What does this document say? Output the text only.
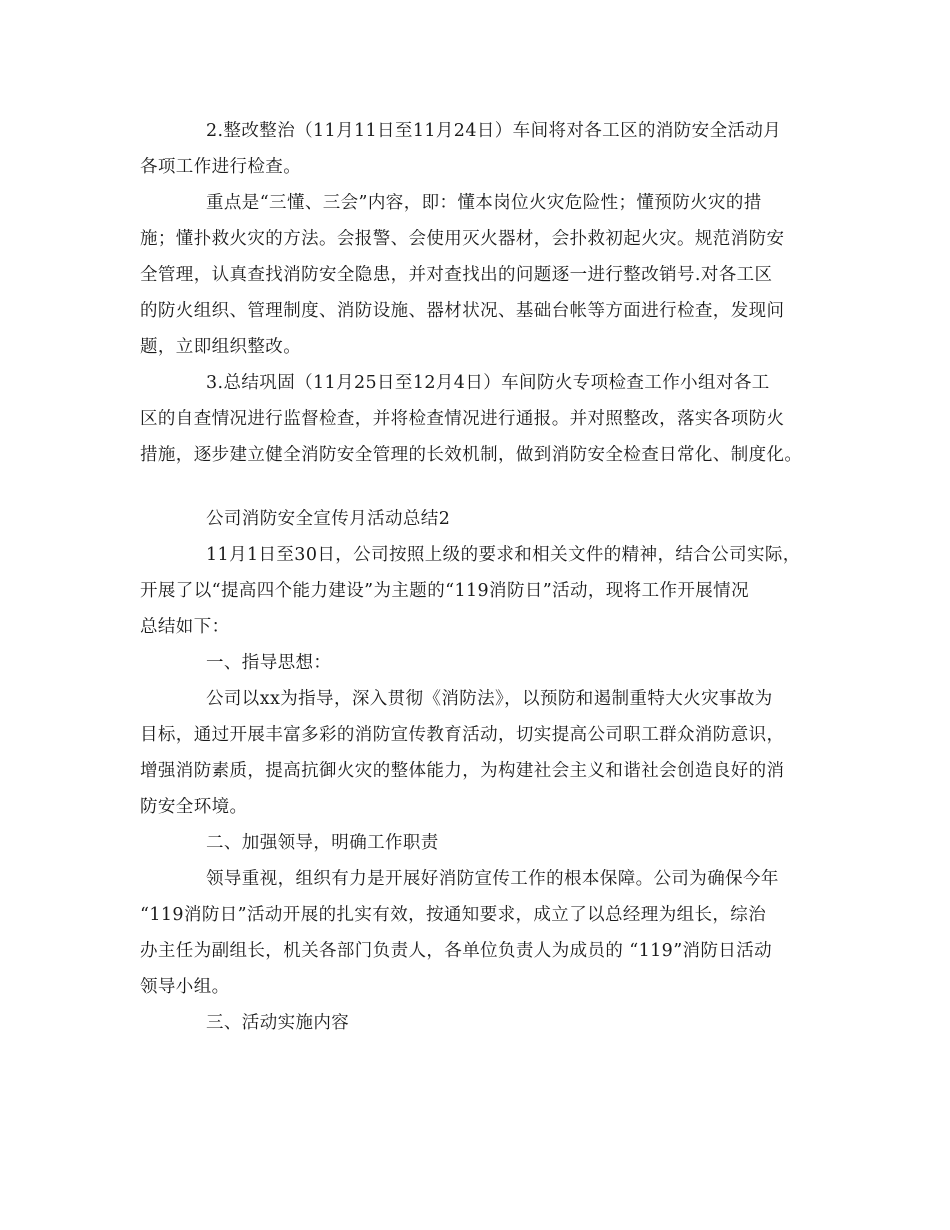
2.整改整治（11月11日至11月24日）车间将对各工区的消防安全活动月
各项工作进行检查。

重点是“三懂、三会”内容，即：懂本岗位火灾危险性；懂预防火灾的措
施；懂扑救火灾的方法。会报警、会使用灭火器材，会扑救初起火灾。规范消防安
全管理，认真查找消防安全隐患，并对查找出的问题逐一进行整改销号.对各工区
的防火组织、管理制度、消防设施、器材状况、基础台帐等方面进行检查，发现问
题，立即组织整改。

3.总结巩固（11月25日至12月4日）车间防火专项检查工作小组对各工
区的自查情况进行监督检查，并将检查情况进行通报。并对照整改，落实各项防火
措施，逐步建立健全消防安全管理的长效机制，做到消防安全检查日常化、制度化。

公司消防安全宣传月活动总结2

11月1日至30日，公司按照上级的要求和相关文件的精神，结合公司实际，
开展了以“提高四个能力建设”为主题的“119消防日”活动，现将工作开展情况
总结如下：

一、指导思想：

公司以xx为指导，深入贯彻《消防法》，以预防和遏制重特大火灾事故为
目标，通过开展丰富多彩的消防宣传教育活动，切实提高公司职工群众消防意识，
增强消防素质，提高抗御火灾的整体能力，为构建社会主义和谐社会创造良好的消
防安全环境。

二、加强领导，明确工作职责

领导重视，组织有力是开展好消防宣传工作的根本保障。公司为确保今年
“119消防日”活动开展的扎实有效，按通知要求，成立了以总经理为组长，综治
办主任为副组长，机关各部门负责人，各单位负责人为成员的 “119”消防日活动
领导小组。

三、活动实施内容
